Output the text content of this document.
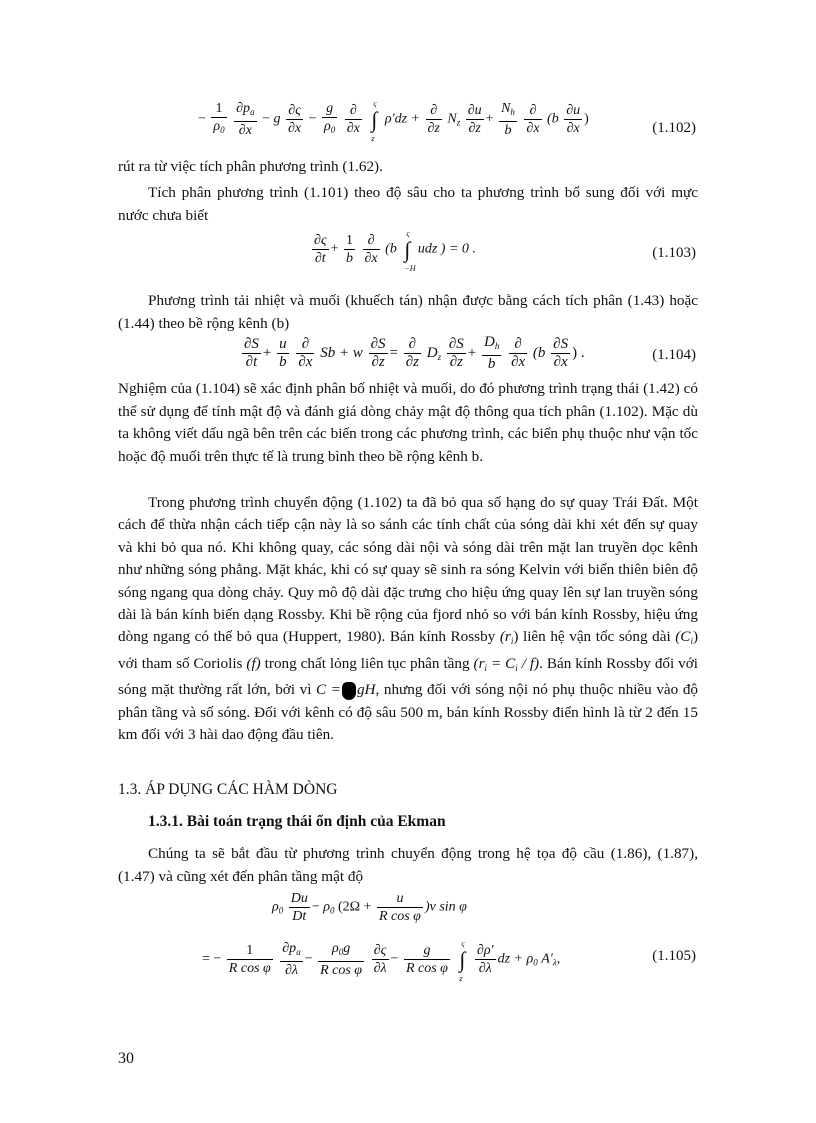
− $\frac{1}{\rho_0}$
$\frac{\partial p_a}{\partial x} - g \frac{\partial\varsigma}{\partial x} - \frac{g}{\rho_0}$
$\frac{\partial}{\partial x}$
ς
∫
z
$\rho'dz + \frac{\partial}{\partial z} N_z \frac{\partial u}{\partial z} + \frac{N_h}{b}$
$\frac{\partial}{\partial x} (b \frac{\partial u}{\partial x}$ )
(1.102)

rút ra từ việc tích phân phương trình (1.62).

Tích phân phương trình (1.101) theo độ sâu cho ta phương trình bổ sung đối với mực nước chưa biết

$\frac{\partial\varsigma}{\partial t} + \frac{1}{b}$
$\frac{\partial}{\partial x} (b$
ς
∫
−H
udz ) = 0 .	(1.103)

Phương trình tải nhiệt và muối (khuếch tán) nhận được bằng cách tích phân (1.43) hoặc (1.44) theo bề rộng kênh (b)

$\frac{\partial S}{\partial t} + \frac{u}{b}$
$\frac{\partial}{\partial x}$ Sb + w $\frac{\partial S}{\partial z} = \frac{\partial}{\partial z} D_z \frac{\partial S}{\partial z} + \frac{D_h}{b}$
$\frac{\partial}{\partial x} (b \frac{\partial S}{\partial x}$ ) .	(1.104)

Nghiệm của (1.104) sẽ xác định phân bố nhiệt và muối, do đó phương trình trạng thái (1.42) có thể sử dụng để tính mật độ và đánh giá dòng chảy mật độ thông qua tích phân (1.102). Mặc dù ta không viết dấu ngã bên trên các biến trong các phương trình, các biến phụ thuộc như vận tốc hoặc độ muối trên thực tế là trung bình theo bề rộng kênh b.

Trong phương trình chuyển động (1.102) ta đã bỏ qua số hạng do sự quay Trái Đất. Một cách để thừa nhận cách tiếp cận này là so sánh các tính chất của sóng dài khi xét đến sự quay và khi bỏ qua nó. Khi không quay, các sóng dài nội và sóng dài trên mặt lan truyền dọc kênh như những sóng phẳng. Mặt khác, khi có sự quay sẽ sinh ra sóng Kelvin với biến thiên biên độ sóng ngang qua dòng chảy. Quy mô độ dài đặc trưng cho hiệu ứng quay lên sự lan truyền sóng dài là bán kính biến dạng Rossby. Khi bề rộng của fjord nhỏ so với bán kính Rossby, hiệu ứng dòng ngang có thể bỏ qua (Huppert, 1980). Bán kính Rossby $(r_i)$ liên hệ vận tốc sóng dài $(C_i)$ với tham số Coriolis (f) trong chất lỏng liên tục phân tầng $(r_i = C_i / f)$. Bán kính Rossby đối với sóng mặt thường rất lớn, bởi vì C = gH, nhưng đối với sóng nội nó phụ thuộc nhiều vào độ phân tầng và số sóng. Đối với kênh có độ sâu 500 m, bán kính Rossby điển hình là từ 2 đến 15 km đối với 3 hài dao động đầu tiên.

1.3. ÁP DỤNG CÁC HÀM DÒNG
1.3.1. Bài toán trạng thái ổn định của Ekman

Chúng ta sẽ bắt đầu từ phương trình chuyển động trong hệ tọa độ cầu (1.86), (1.87), (1.47) và cũng xét đến phân tầng mật độ

$\rho_0 \frac{Du}{Dt} - \rho_0$ $(2\Omega + \frac{u}{\text{R cos φ}} )v$ sin φ
= − $\frac{1}{\text{R cos φ}}$
$\frac{\partial p_a}{\partial\lambda} - \frac{\rho_0g}{\text{R cos φ}}$
$\frac{\partial\varsigma}{\partial\lambda} - \frac{g}{\text{R cos φ}}$
ς
∫
z

$\frac{\partial\rho'}{\partial\lambda}$ dz + $\rho_0$ $A'_\lambda$,	(1.105)
30
